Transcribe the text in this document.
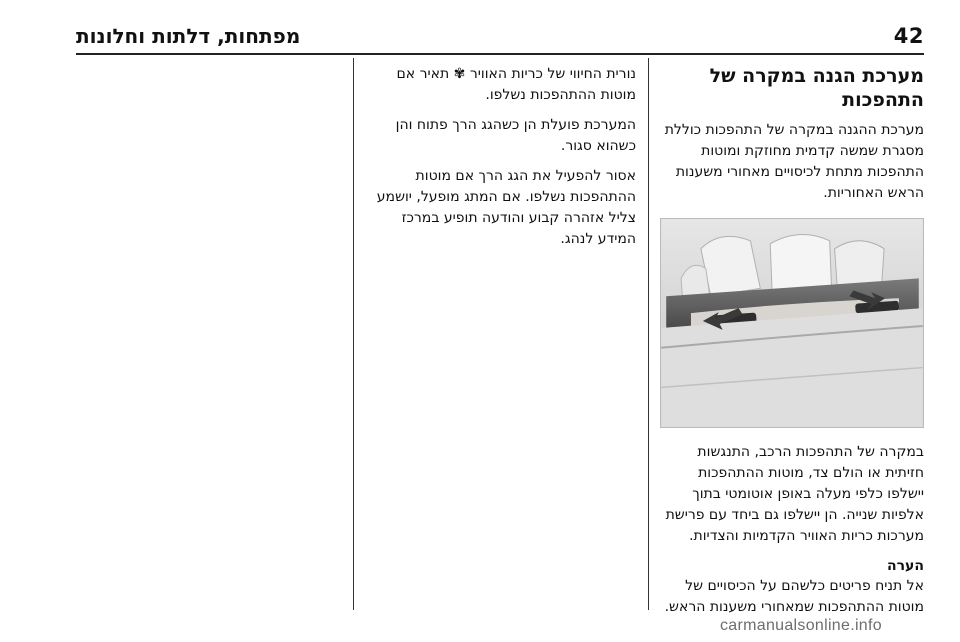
42
מפתחות, דלתות וחלונות
מערכת הגנה במקרה של התהפכות

מערכת ההגנה במקרה של התהפכות כוללת מסגרת שמשה קדמית מחוזקת ומוטות התהפכות מתחת לכיסויים מאחורי משענות הראש האחוריות.

במקרה של התהפכות הרכב, התנגשות חזיתית או הולם צד, מוטות ההתהפכות יישלפו כלפי מעלה באופן אוטומטי בתוך אלפיות שנייה. הן יישלפו גם ביחד עם פרישת מערכות כריות האוויר הקדמיות והצדיות.

הערה

אל תניח פריטים כלשהם על הכיסויים של מוטות ההתהפכות שמאחורי משענות הראש.

נורית החיווי של כריות האוויר ✾ תאיר אם מוטות ההתהפכות נשלפו.

המערכת פועלת הן כשהגג הרך פתוח והן כשהוא סגור.

אסור להפעיל את הגג הרך אם מוטות ההתהפכות נשלפו. אם המתג מופעל, יושמע צליל אזהרה קבוע והודעה תופיע במרכז המידע לנהג.

carmanualsonline.info
